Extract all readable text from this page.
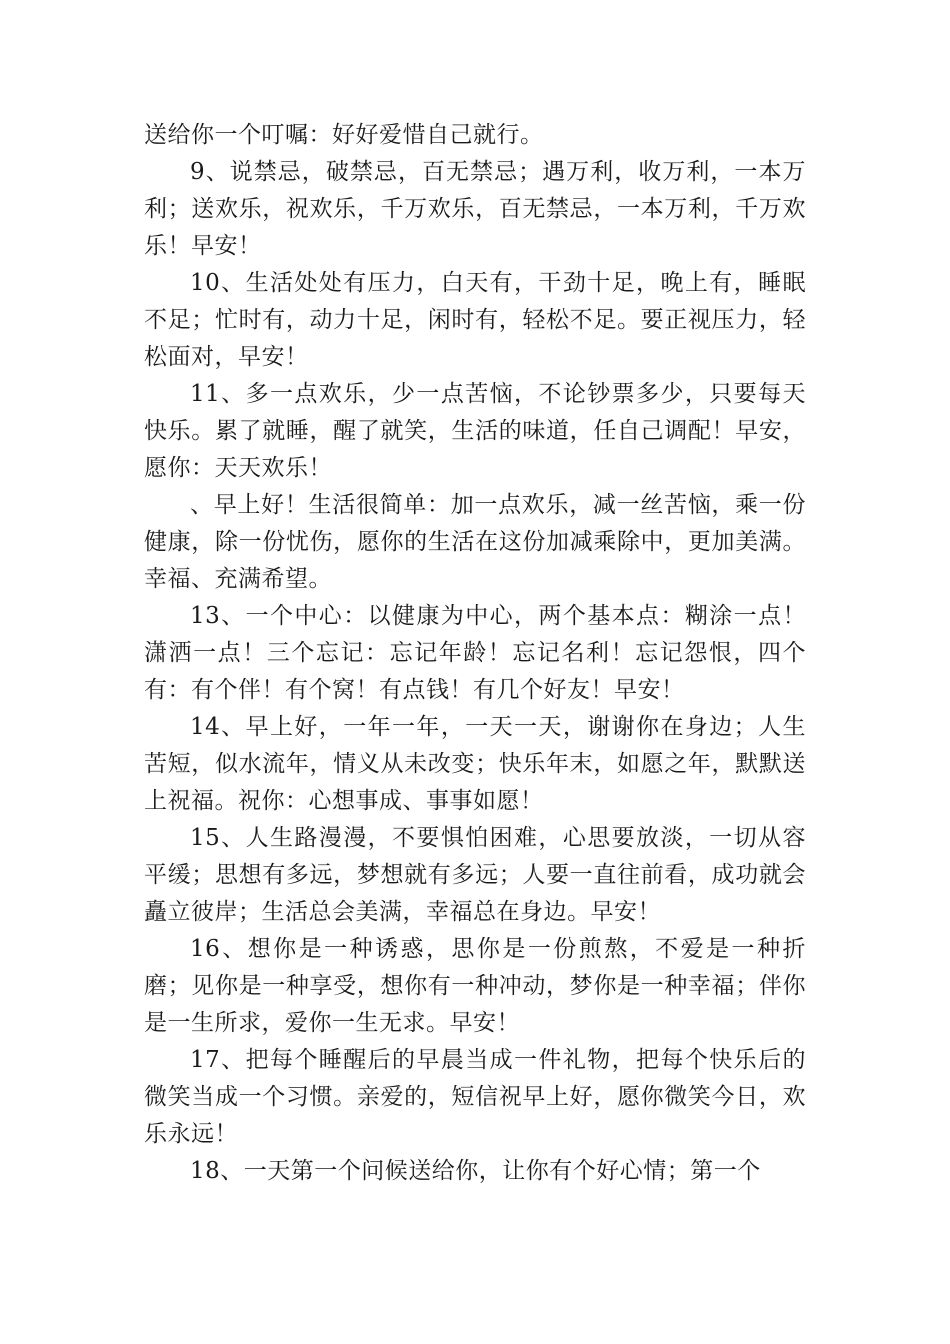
送给你一个叮嘱：好好爱惜自己就行。

9、说禁忌，破禁忌，百无禁忌；遇万利，收万利，一本万利；送欢乐，祝欢乐，千万欢乐，百无禁忌，一本万利，千万欢乐！早安！

10、生活处处有压力，白天有，干劲十足，晚上有，睡眠不足；忙时有，动力十足，闲时有，轻松不足。要正视压力，轻松面对，早安！

11、多一点欢乐，少一点苦恼，不论钞票多少，只要每天快乐。累了就睡，醒了就笑，生活的味道，任自己调配！早安，愿你：天天欢乐！

、早上好！生活很简单：加一点欢乐，减一丝苦恼，乘一份健康，除一份忧伤，愿你的生活在这份加减乘除中，更加美满。幸福、充满希望。

13、一个中心：以健康为中心，两个基本点：糊涂一点！潇洒一点！三个忘记：忘记年龄！忘记名利！忘记怨恨，四个有：有个伴！有个窝！有点钱！有几个好友！早安！

14、早上好，一年一年，一天一天，谢谢你在身边；人生苦短，似水流年，情义从未改变；快乐年末，如愿之年，默默送上祝福。祝你：心想事成、事事如愿！

15、人生路漫漫，不要惧怕困难，心思要放淡，一切从容平缓；思想有多远，梦想就有多远；人要一直往前看，成功就会矗立彼岸；生活总会美满，幸福总在身边。早安！

16、想你是一种诱惑，思你是一份煎熬，不爱是一种折磨；见你是一种享受，想你有一种冲动，梦你是一种幸福；伴你是一生所求，爱你一生无求。早安！

17、把每个睡醒后的早晨当成一件礼物，把每个快乐后的微笑当成一个习惯。亲爱的，短信祝早上好，愿你微笑今日，欢乐永远！

18、一天第一个问候送给你，让你有个好心情；第一个
